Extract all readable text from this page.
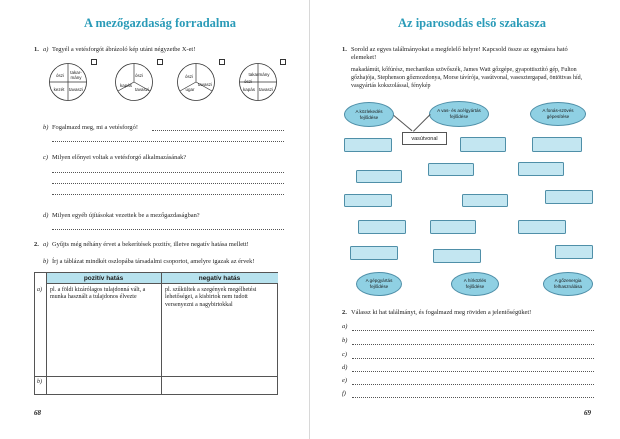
A mezőgazdaság forradalma
1. a) Tegyél a vetésforgót ábrázoló kép utáni négyzetbe X-et!
ószi
takar-
mány
kezét	tavaszi
ószi
kapás
tavaszi
ószi
ugar
tavaszi
takarmány
ószi
kapás tavaszi
b) Fogalmazd meg, mi a vetésforgó!
c) Milyen előnyei voltak a vetésforgó alkalmazásának?
d) Milyen egyéb újításokat vezettek be a mezőgazdaságban?
2. a) Gyűjts még néhány érvet a bekerítések pozitív, illetve negatív hatása mellett!
b) Írj a táblázat mindkét oszlopába társadalmi csoportot, amelyre igazak az érvek!
pozitív hatás	negatív hatás
a) pl. a földi kizárólagos tulajdonná vált, a munka használt a tulajdonos élvezte
pl. szűkültek a szegények megélhetési lehetőségei, a kisbirtok nem tudott versenyezni a nagybirtokkal
b)
68
Az iparosodás első szakasza
1. Sorold az egyes találmányokat a megfelelő helyre! Kapcsold össze az egymásra ható elemeket!
makadámút, kőfúrész, mechanikus szövőszék, James Watt gőzgépe, gyapottisztító gép, Fulton gőzhajója, Stephenson gőzmozdonya, Morse távírója, vasútvonal, vasesztergapad, öntöttvas híd, vasgyártás kokszolással, fénykép
A közlekedés fejlődése
A vas- és acélgyártás fejlődése
A fonás-szövés gépesítése
vasútvonal
A gépgyártás fejlődése
A hírközlés fejlődése
A gőzenergia felhasználása
2. Válassz ki hat találmányt, és fogalmazd meg röviden a jelentőségüket!
a)
b)
c)
d)
e)
f)
69
